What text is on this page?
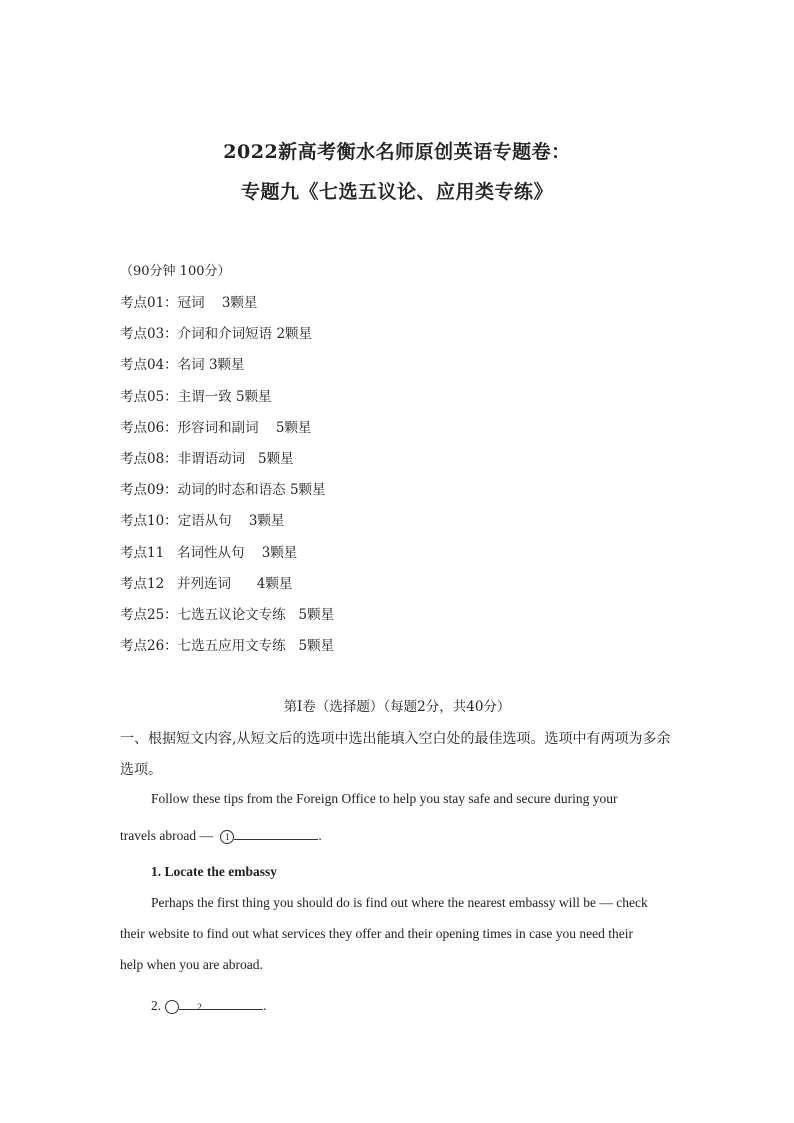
2022新高考衡水名师原创英语专题卷：
专题九《七选五议论、应用类专练》
（90分钟 100分）
考点01：冠词    3颗星
考点03：介词和介词短语 2颗星
考点04：名词 3颗星
考点05：主谓一致 5颗星
考点06：形容词和副词    5颗星
考点08：非谓语动词   5颗星
考点09：动词的时态和语态 5颗星
考点10：定语从句    3颗星
考点11   名词性从句    3颗星
考点12   并列连词      4颗星
考点25：七选五议论文专练   5颗星
考点26：七选五应用文专练   5颗星
第I卷（选择题）（每题2分，共40分）
一、根据短文内容,从短文后的选项中选出能填入空白处的最佳选项。选项中有两项为多余选项。
Follow these tips from the Foreign Office to help you stay safe and secure during your
travels abroad — 1	.
1. Locate the embassy
Perhaps the first thing you should do is find out where the nearest embassy will be — check
their website to find out what services they offer and their opening times in case you need their
help when you are abroad.
2.	2	.
